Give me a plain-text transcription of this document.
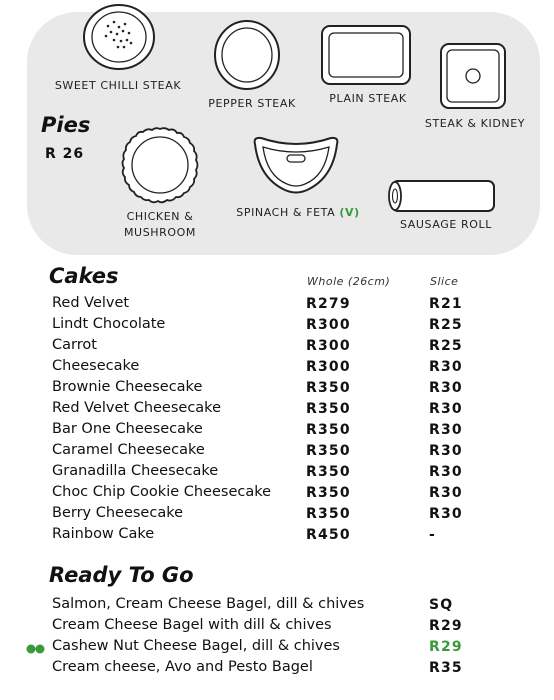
SWEET CHILLI STEAK
PEPPER STEAK	PLAIN STEAK
STEAK & KIDNEY
Pies
R 26
CHICKEN &
MUSHROOM
SPINACH & FETA (V)
SAUSAGE ROLL
Cakes	Whole (26cm)	Slice
Red Velvet	R279	R21
Lindt Chocolate	R300	R25
Carrot	R300	R25
Cheesecake	R300	R30
Brownie Cheesecake	R350	R30
Red Velvet Cheesecake	R350	R30
Bar One Cheesecake	R350	R30
Caramel Cheesecake	R350	R30
Granadilla Cheesecake	R350	R30
Choc Chip Cookie Cheesecake R350	R30
Berry Cheesecake	R350	R30
Rainbow Cake	R450	-
Ready To Go
Salmon, Cream Cheese Bagel, dill & chives	SQ
Cream Cheese Bagel with dill & chives	R29
Cashew Nut Cheese Bagel, dill & chives	R29
Cream cheese, Avo and Pesto Bagel	R35
